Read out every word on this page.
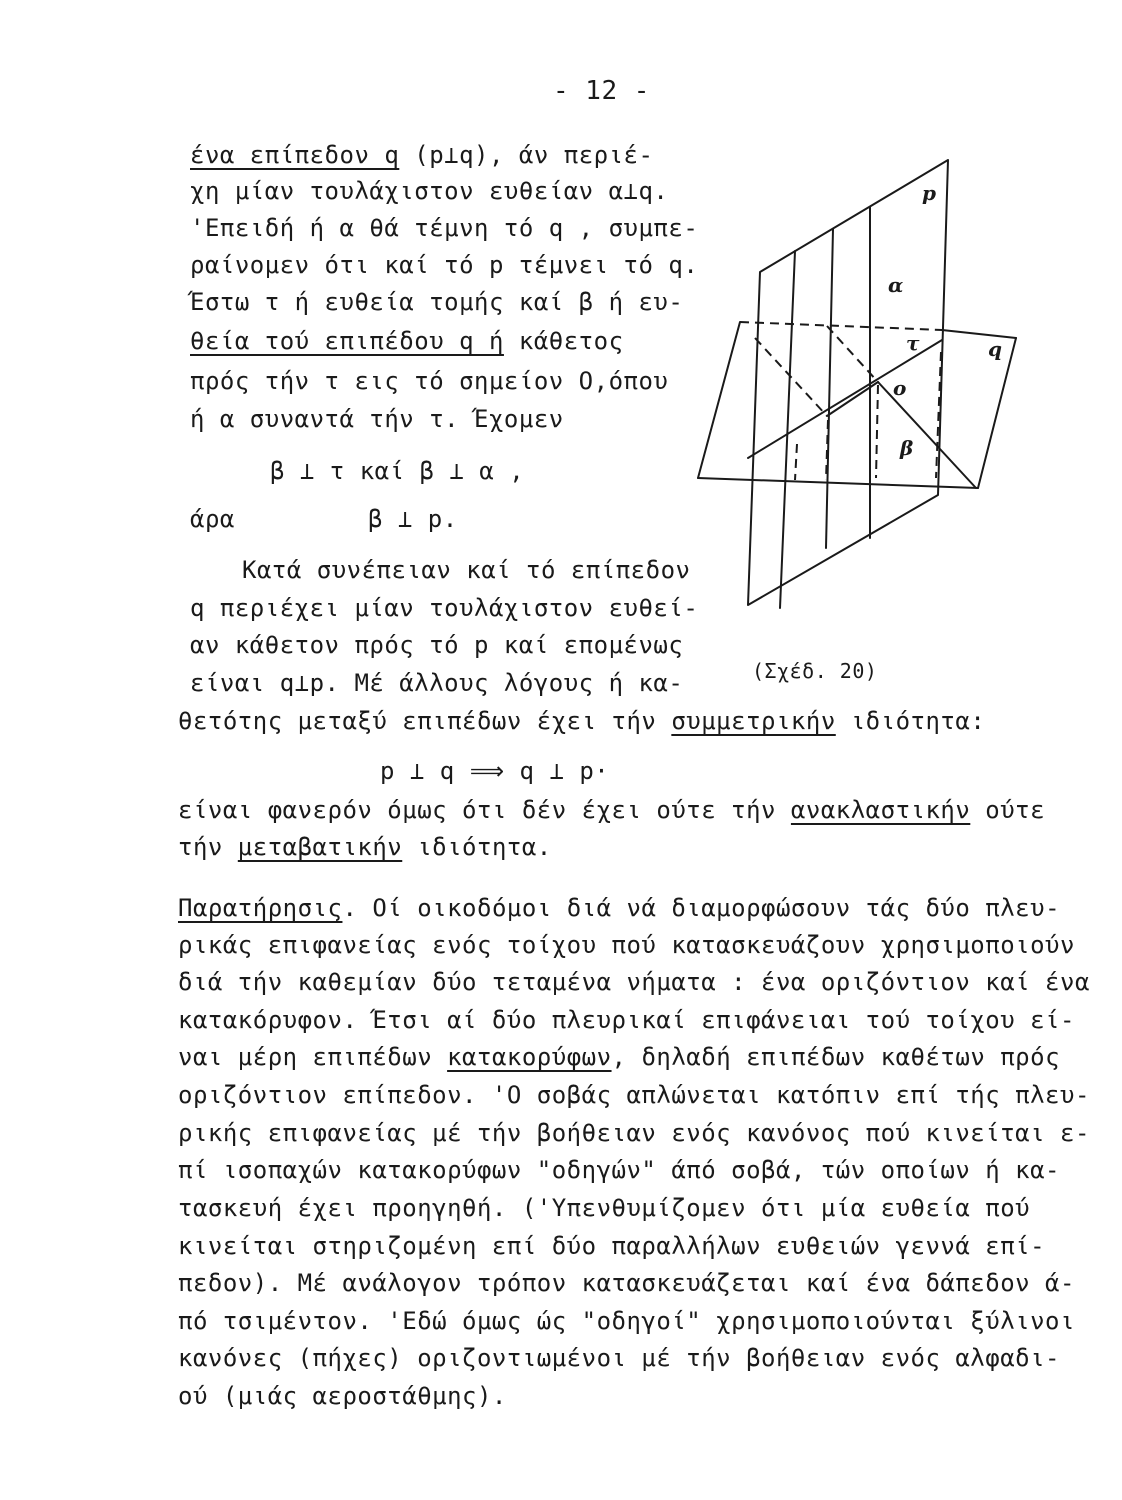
- 12 -
ένα επίπεδον q (p⊥q), άν περιέ-
χη μίαν τουλάχιστον ευθείαν α⊥q.
'Επειδή ή α θά τέμνη τό q , συμπε-
ραίνομεν ότι καί τό p τέμνει τό q.
Έστω τ ή ευθεία τομής καί β ή ευ-
θεία τού επιπέδου q ή κάθετος
πρός τήν τ εις τό σημείον Ο,όπου
ή α συναντά τήν τ. Έχομεν
β ⊥ τ καί β ⊥ α ,
άρα	β ⊥ p.
Κατά συνέπειαν καί τό επίπεδον
q περιέχει μίαν τουλάχιστον ευθεί-
αν κάθετον πρός τό p καί επομένως
είναι q⊥p. Μέ άλλους λόγους ή κα-
θετότης μεταξύ επιπέδων έχει τήν συμμετρικήν ιδιότητα:
p ⊥ q ⟹ q ⊥ p·
είναι φανερόν όμως ότι δέν έχει ούτε τήν ανακλαστικήν ούτε
τήν μεταβατικήν ιδιότητα.
Παρατήρησις. Οί οικοδόμοι διά νά διαμορφώσουν τάς δύο πλευ-
ρικάς επιφανείας ενός τοίχου πού κατασκευάζουν χρησιμοποιούν
διά τήν καθεμίαν δύο τεταμένα νήματα : ένα οριζόντιον καί ένα
κατακόρυφον. Έτσι αί δύο πλευρικαί επιφάνειαι τού τοίχου εί-
ναι μέρη επιπέδων κατακορύφων, δηλαδή επιπέδων καθέτων πρός
οριζόντιον επίπεδον. 'Ο σοβάς απλώνεται κατόπιν επί τής πλευ-
ρικής επιφανείας μέ τήν βοήθειαν ενός κανόνος πού κινείται ε-
πί ισοπαχών κατακορύφων "οδηγών" άπό σοβά, τών οποίων ή κα-
τασκευή έχει προηγηθή. ('Υπενθυμίζομεν ότι μία ευθεία πού
κινείται στηριζομένη επί δύο παραλλήλων ευθειών γεννά επί-
πεδον). Μέ ανάλογον τρόπον κατασκευάζεται καί ένα δάπεδον ά-
πό τσιμέντον. 'Εδώ όμως ώς "οδηγοί" χρησιμοποιούνται ξύλινοι
κανόνες (πήχες) οριζοντιωμένοι μέ τήν βοήθειαν ενός αλφαδι-
ού (μιάς αεροστάθμης).
p
q
α
τ
ο
β
(Σχέδ. 20)
